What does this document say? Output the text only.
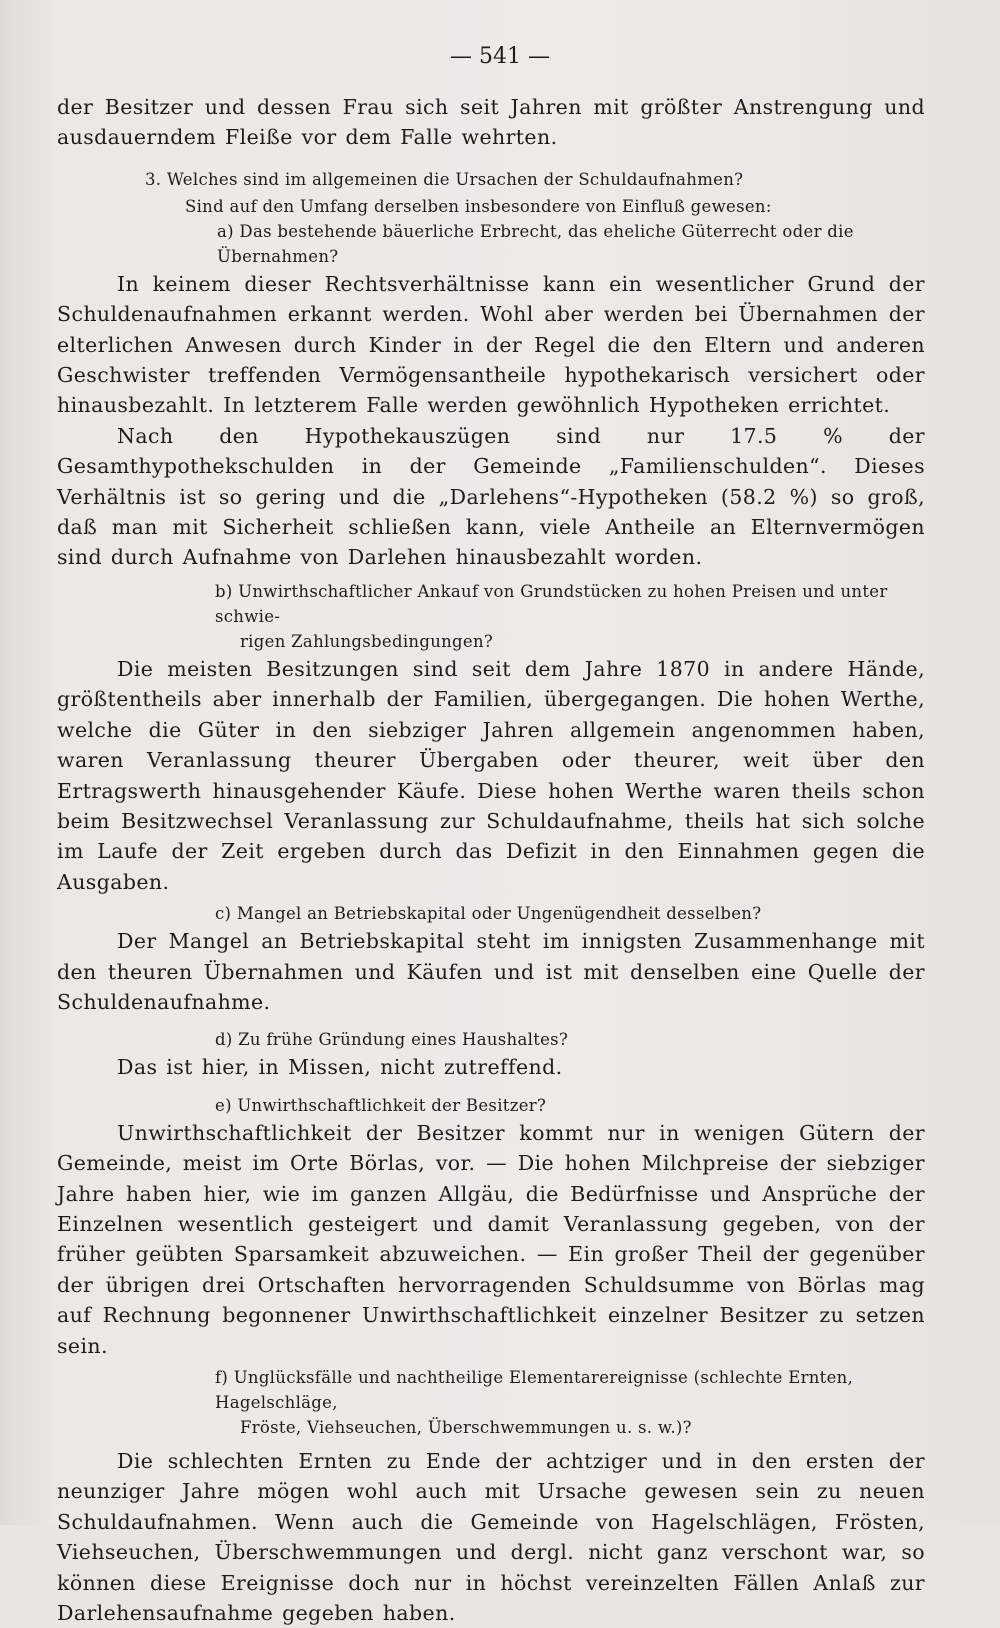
— 541 —

der Besitzer und dessen Frau sich seit Jahren mit größter Anstrengung und ausdauerndem Fleiße vor dem Falle wehrten.

3. Welches sind im allgemeinen die Ursachen der Schuldaufnahmen?

Sind auf den Umfang derselben insbesondere von Einfluß gewesen:

a) Das bestehende bäuerliche Erbrecht, das eheliche Güterrecht oder die Übernahmen?

In keinem dieser Rechtsverhältnisse kann ein wesentlicher Grund der Schuldenaufnahmen erkannt werden. Wohl aber werden bei Übernahmen der elterlichen Anwesen durch Kinder in der Regel die den Eltern und anderen Geschwister treffenden Vermögensantheile hypothekarisch versichert oder hinausbezahlt. In letzterem Falle werden gewöhnlich Hypotheken errichtet.

Nach den Hypothekauszügen sind nur 17.5 % der Gesamthypothekschulden in der Gemeinde „Familienschulden“. Dieses Verhältnis ist so gering und die „Darlehens“-Hypotheken (58.2 %) so groß, daß man mit Sicherheit schließen kann, viele Antheile an Elternvermögen sind durch Aufnahme von Darlehen hinausbezahlt worden.

b) Unwirthschaftlicher Ankauf von Grundstücken zu hohen Preisen und unter schwie-

rigen Zahlungsbedingungen?

Die meisten Besitzungen sind seit dem Jahre 1870 in andere Hände, größtentheils aber innerhalb der Familien, übergegangen. Die hohen Werthe, welche die Güter in den siebziger Jahren allgemein angenommen haben, waren Veranlassung theurer Übergaben oder theurer, weit über den Ertragswerth hinausgehender Käufe. Diese hohen Werthe waren theils schon beim Besitzwechsel Veranlassung zur Schuldaufnahme, theils hat sich solche im Laufe der Zeit ergeben durch das Defizit in den Einnahmen gegen die Ausgaben.

c) Mangel an Betriebskapital oder Ungenügendheit desselben?

Der Mangel an Betriebskapital steht im innigsten Zusammenhange mit den theuren Übernahmen und Käufen und ist mit denselben eine Quelle der Schuldenaufnahme.

d) Zu frühe Gründung eines Haushaltes?

Das ist hier, in Missen, nicht zutreffend.

e) Unwirthschaftlichkeit der Besitzer?

Unwirthschaftlichkeit der Besitzer kommt nur in wenigen Gütern der Gemeinde, meist im Orte Börlas, vor. — Die hohen Milchpreise der siebziger Jahre haben hier, wie im ganzen Allgäu, die Bedürfnisse und Ansprüche der Einzelnen wesentlich gesteigert und damit Veranlassung gegeben, von der früher geübten Sparsamkeit abzuweichen. — Ein großer Theil der gegenüber der übrigen drei Ortschaften hervorragenden Schuldsumme von Börlas mag auf Rechnung begonnener Unwirthschaftlichkeit einzelner Besitzer zu setzen sein.

f) Unglücksfälle und nachtheilige Elementarereignisse (schlechte Ernten, Hagelschläge,

Fröste, Viehseuchen, Überschwemmungen u. s. w.)?

Die schlechten Ernten zu Ende der achtziger und in den ersten der neunziger Jahre mögen wohl auch mit Ursache gewesen sein zu neuen Schuldaufnahmen. Wenn auch die Gemeinde von Hagelschlägen, Frösten, Viehseuchen, Überschwemmungen und dergl. nicht ganz verschont war, so können diese Ereignisse doch nur in höchst vereinzelten Fällen Anlaß zur Darlehensaufnahme gegeben haben.
